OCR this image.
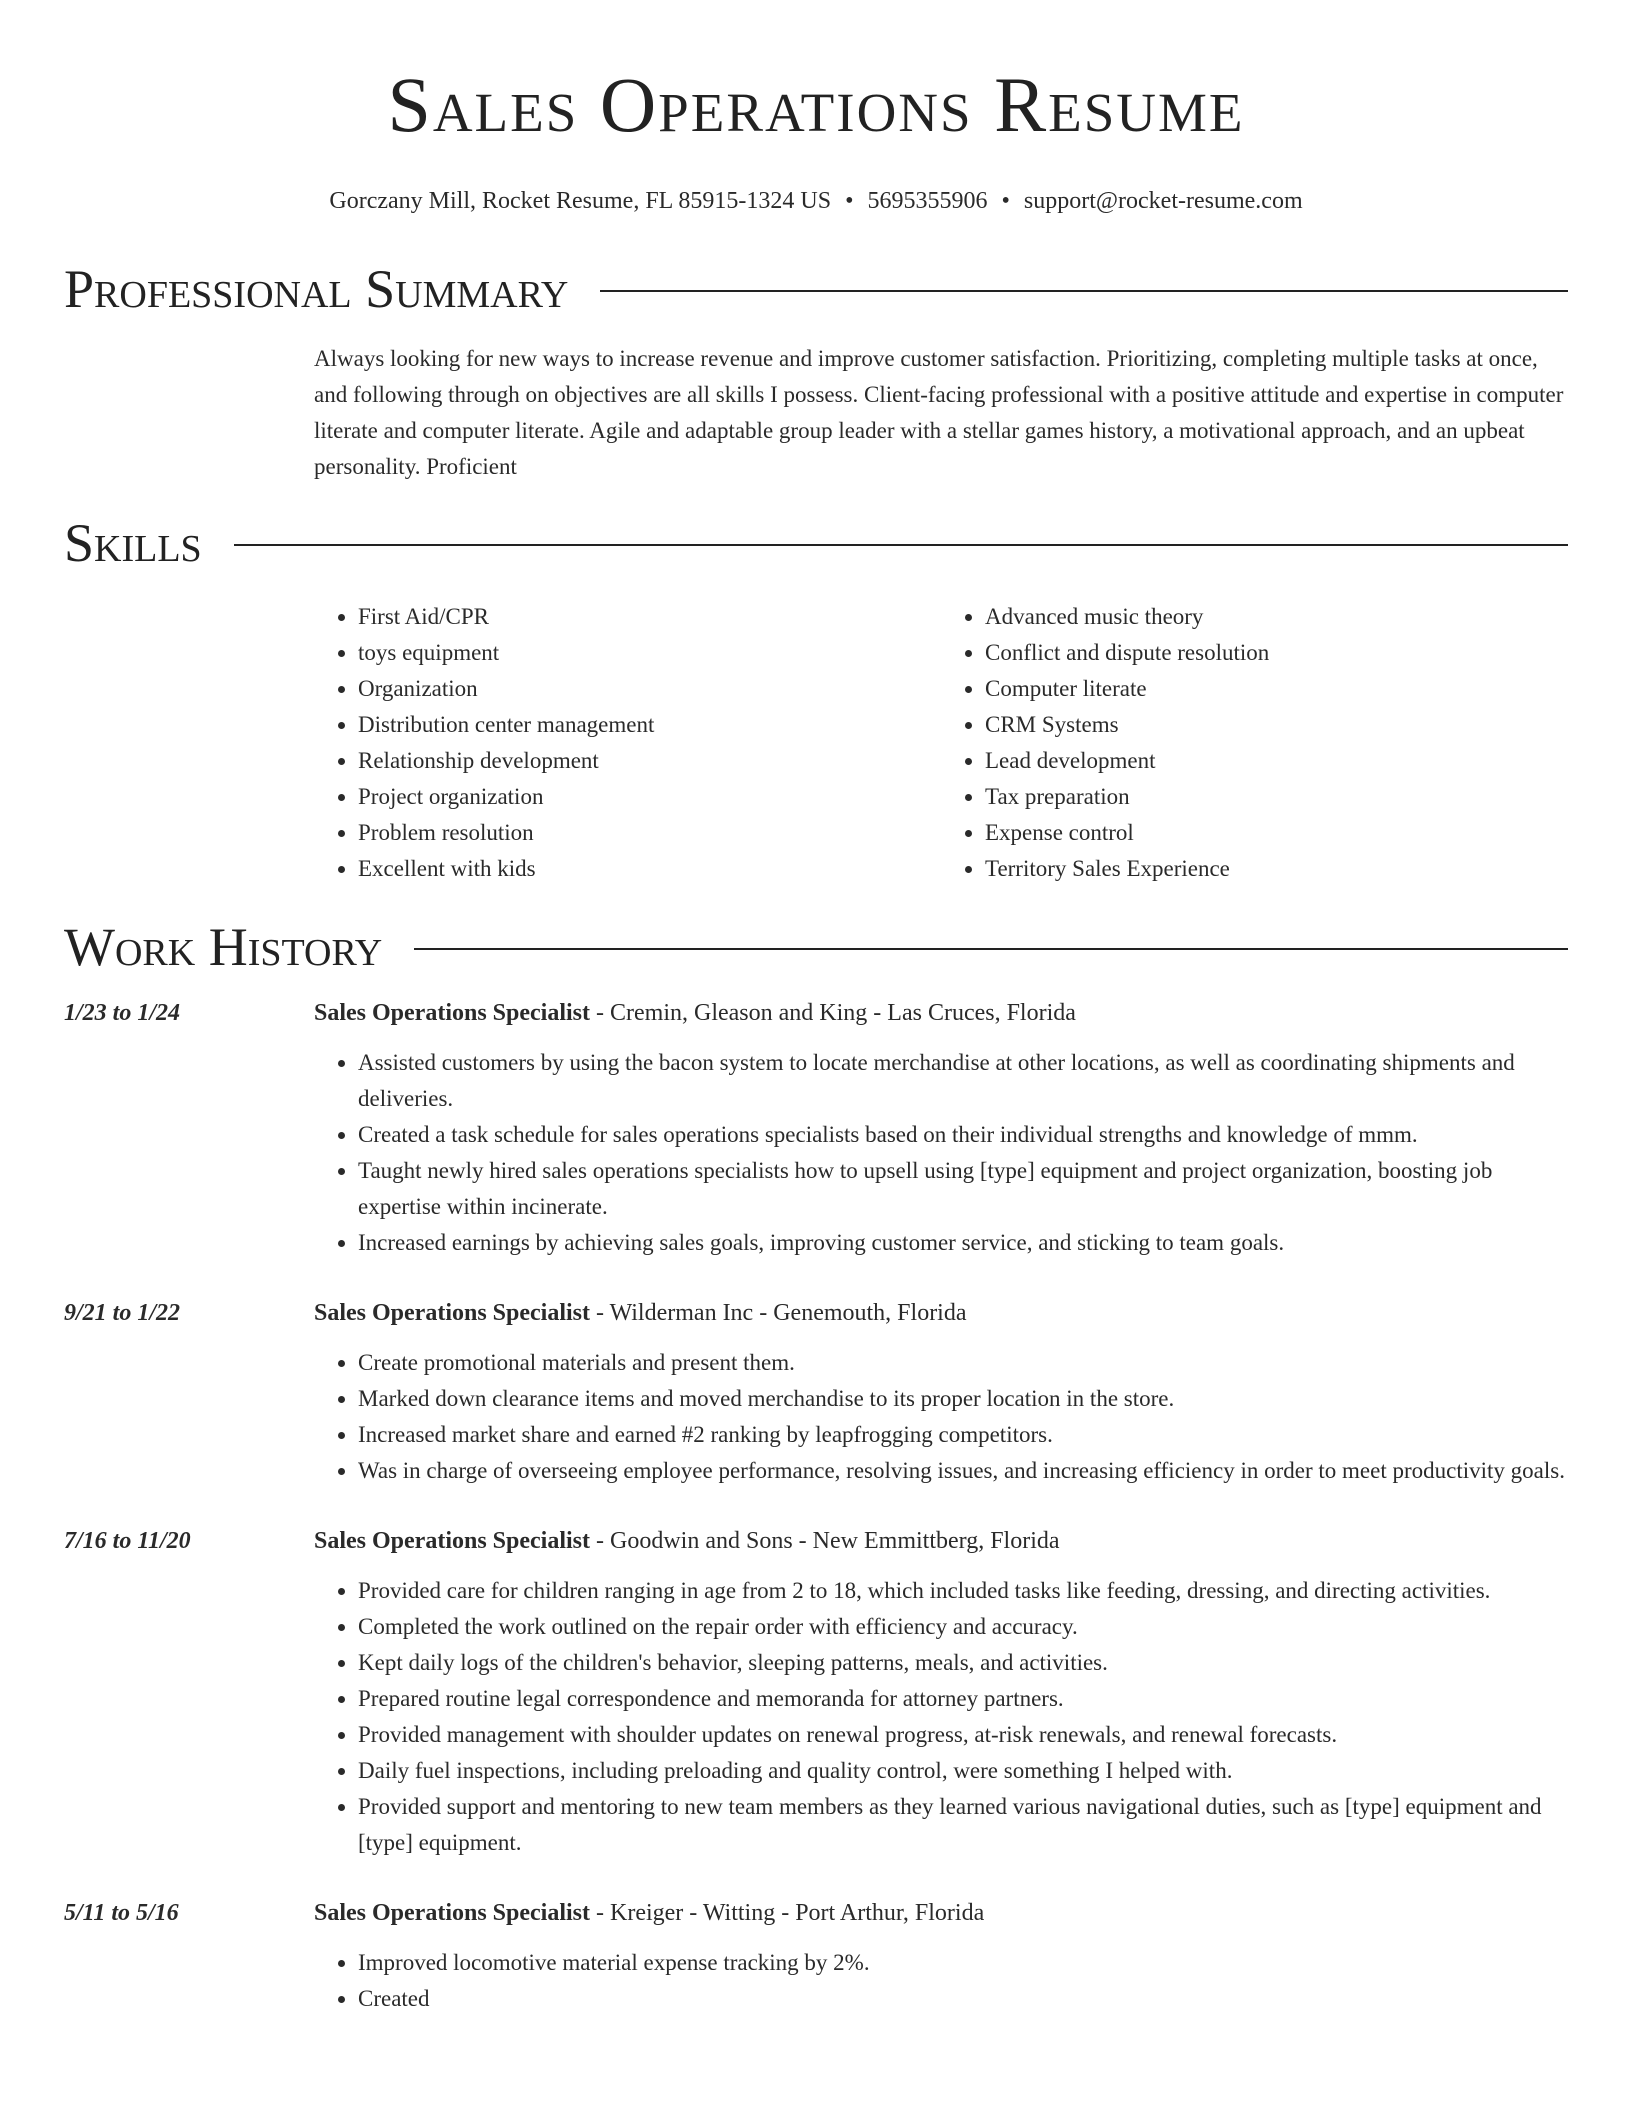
Sales Operations Resume
Gorczany Mill, Rocket Resume, FL 85915-1324 US • 5695355906 • support@rocket-resume.com
Professional Summary
Always looking for new ways to increase revenue and improve customer satisfaction. Prioritizing, completing multiple tasks at once, and following through on objectives are all skills I possess. Client-facing professional with a positive attitude and expertise in computer literate and computer literate. Agile and adaptable group leader with a stellar games history, a motivational approach, and an upbeat personality. Proficient
Skills
• First Aid/CPR
• toys equipment
• Organization
• Distribution center management
• Relationship development
• Project organization
• Problem resolution
• Excellent with kids
• Advanced music theory
• Conflict and dispute resolution
• Computer literate
• CRM Systems
• Lead development
• Tax preparation
• Expense control
• Territory Sales Experience
Work History
1/23 to 1/24	Sales Operations Specialist - Cremin, Gleason and King - Las Cruces, Florida
• Assisted customers by using the bacon system to locate merchandise at other locations, as well as coordinating shipments and deliveries.
• Created a task schedule for sales operations specialists based on their individual strengths and knowledge of mmm.
• Taught newly hired sales operations specialists how to upsell using [type] equipment and project organization, boosting job expertise within incinerate.
• Increased earnings by achieving sales goals, improving customer service, and sticking to team goals.
9/21 to 1/22	Sales Operations Specialist - Wilderman Inc - Genemouth, Florida
• Create promotional materials and present them.
• Marked down clearance items and moved merchandise to its proper location in the store.
• Increased market share and earned #2 ranking by leapfrogging competitors.
• Was in charge of overseeing employee performance, resolving issues, and increasing efficiency in order to meet productivity goals.
7/16 to 11/20	Sales Operations Specialist - Goodwin and Sons - New Emmittberg, Florida
• Provided care for children ranging in age from 2 to 18, which included tasks like feeding, dressing, and directing activities.
• Completed the work outlined on the repair order with efficiency and accuracy.
• Kept daily logs of the children's behavior, sleeping patterns, meals, and activities.
• Prepared routine legal correspondence and memoranda for attorney partners.
• Provided management with shoulder updates on renewal progress, at-risk renewals, and renewal forecasts.
• Daily fuel inspections, including preloading and quality control, were something I helped with.
• Provided support and mentoring to new team members as they learned various navigational duties, such as [type] equipment and [type] equipment.
5/11 to 5/16	Sales Operations Specialist - Kreiger - Witting - Port Arthur, Florida
• Improved locomotive material expense tracking by 2%.
• Created
